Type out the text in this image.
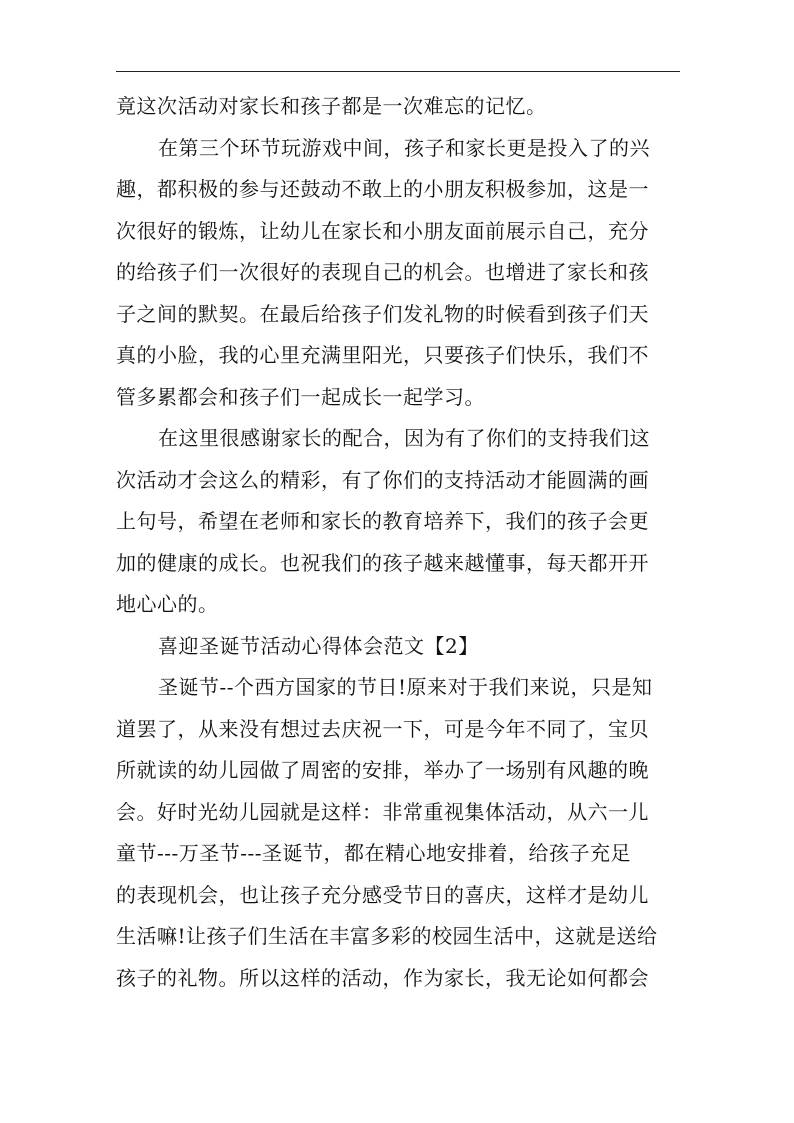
竟这次活动对家长和孩子都是一次难忘的记忆。
在第三个环节玩游戏中间，孩子和家长更是投入了的兴
趣，都积极的参与还鼓动不敢上的小朋友积极参加，这是一
次很好的锻炼，让幼儿在家长和小朋友面前展示自己，充分
的给孩子们一次很好的表现自己的机会。也增进了家长和孩
子之间的默契。在最后给孩子们发礼物的时候看到孩子们天
真的小脸，我的心里充满里阳光，只要孩子们快乐，我们不
管多累都会和孩子们一起成长一起学习。
在这里很感谢家长的配合，因为有了你们的支持我们这
次活动才会这么的精彩，有了你们的支持活动才能圆满的画
上句号，希望在老师和家长的教育培养下，我们的孩子会更
加的健康的成长。也祝我们的孩子越来越懂事，每天都开开
地心心的。
喜迎圣诞节活动心得体会范文【2】
圣诞节--个西方国家的节日!原来对于我们来说，只是知
道罢了，从来没有想过去庆祝一下，可是今年不同了，宝贝
所就读的幼儿园做了周密的安排，举办了一场别有风趣的晚
会。好时光幼儿园就是这样：非常重视集体活动，从六一儿
童节---万圣节---圣诞节，都在精心地安排着，给孩子充足
的表现机会，也让孩子充分感受节日的喜庆，这样才是幼儿
生活嘛!让孩子们生活在丰富多彩的校园生活中，这就是送给
孩子的礼物。所以这样的活动，作为家长，我无论如何都会
